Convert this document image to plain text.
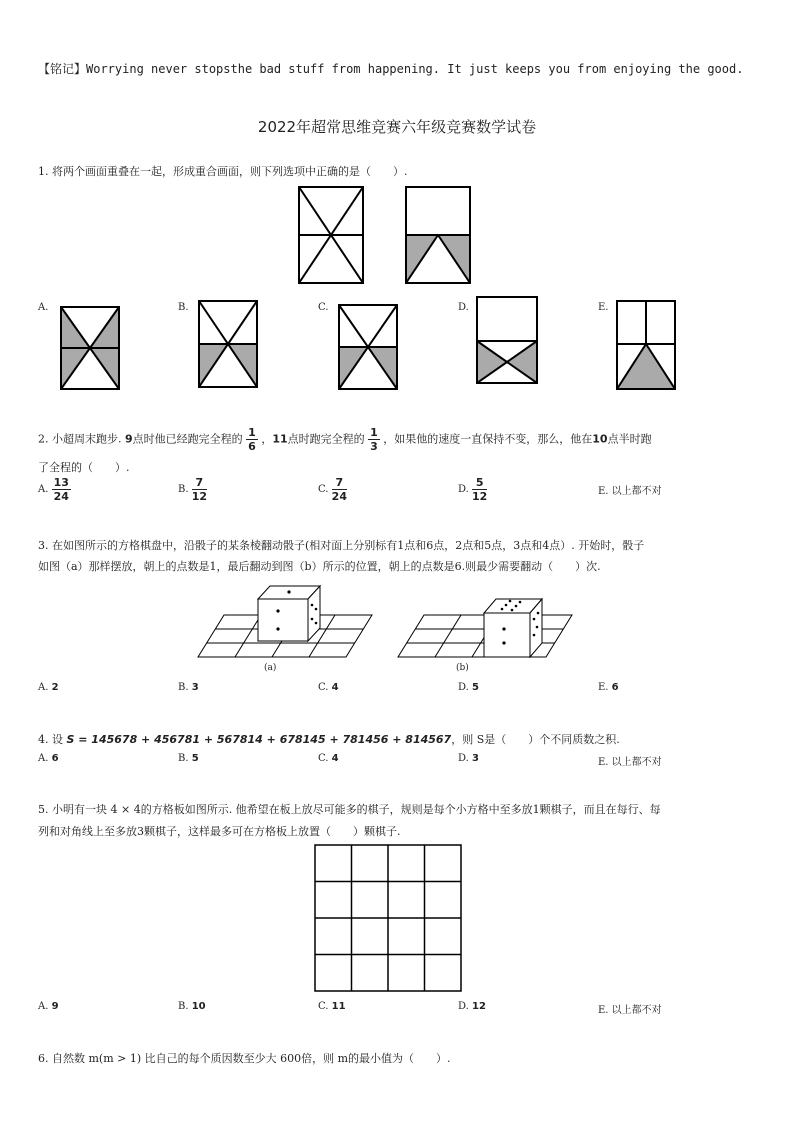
【铭记】Worrying never stopsthe bad stuff from happening. It just keeps you from enjoying the good.
2022年超常思维竞赛六年级竞赛数学试卷
1. 将两个画面重叠在一起，形成重合画面，则下列选项中正确的是（　　）.
A.	B.	C.	D.	E.
2. 小超周末跑步. 9点时他已经跑完全程的 $\frac{1}{6}$ ，11点时跑完全程的 $\frac{1}{3}$ ，如果他的速度一直保持不变，那么，他在10点半时跑
了全程的（　　）.
A. $\frac{13}{24}$	B. $\frac{7}{12}$	C. $\frac{7}{24}$	D. $\frac{5}{12}$	E. 以上都不对
3. 在如图所示的方格棋盘中，沿骰子的某条棱翻动骰子(相对面上分别标有1点和6点，2点和5点，3点和4点）. 开始时，骰子
如图（a）那样摆放，朝上的点数是1，最后翻动到图（b）所示的位置，朝上的点数是6.则最少需要翻动（　　）次.
(a)	(b)
A. 2	B. 3	C. 4	D. 5	E. 6
4. 设 S = 145678 + 456781 + 567814 + 678145 + 781456 + 814567，则 S是（　　）个不同质数之积.
A. 6	B. 5	C. 4	D. 3	E. 以上都不对
5. 小明有一块 4 × 4的方格板如图所示. 他希望在板上放尽可能多的棋子，规则是每个小方格中至多放1颗棋子，而且在每行、每
列和对角线上至多放3颗棋子，这样最多可在方格板上放置（　　）颗棋子.
A. 9	B. 10	C. 11	D. 12	E. 以上都不对
6. 自然数 m(m > 1) 比自己的每个质因数至少大 600倍，则 m的最小值为（　　）.
